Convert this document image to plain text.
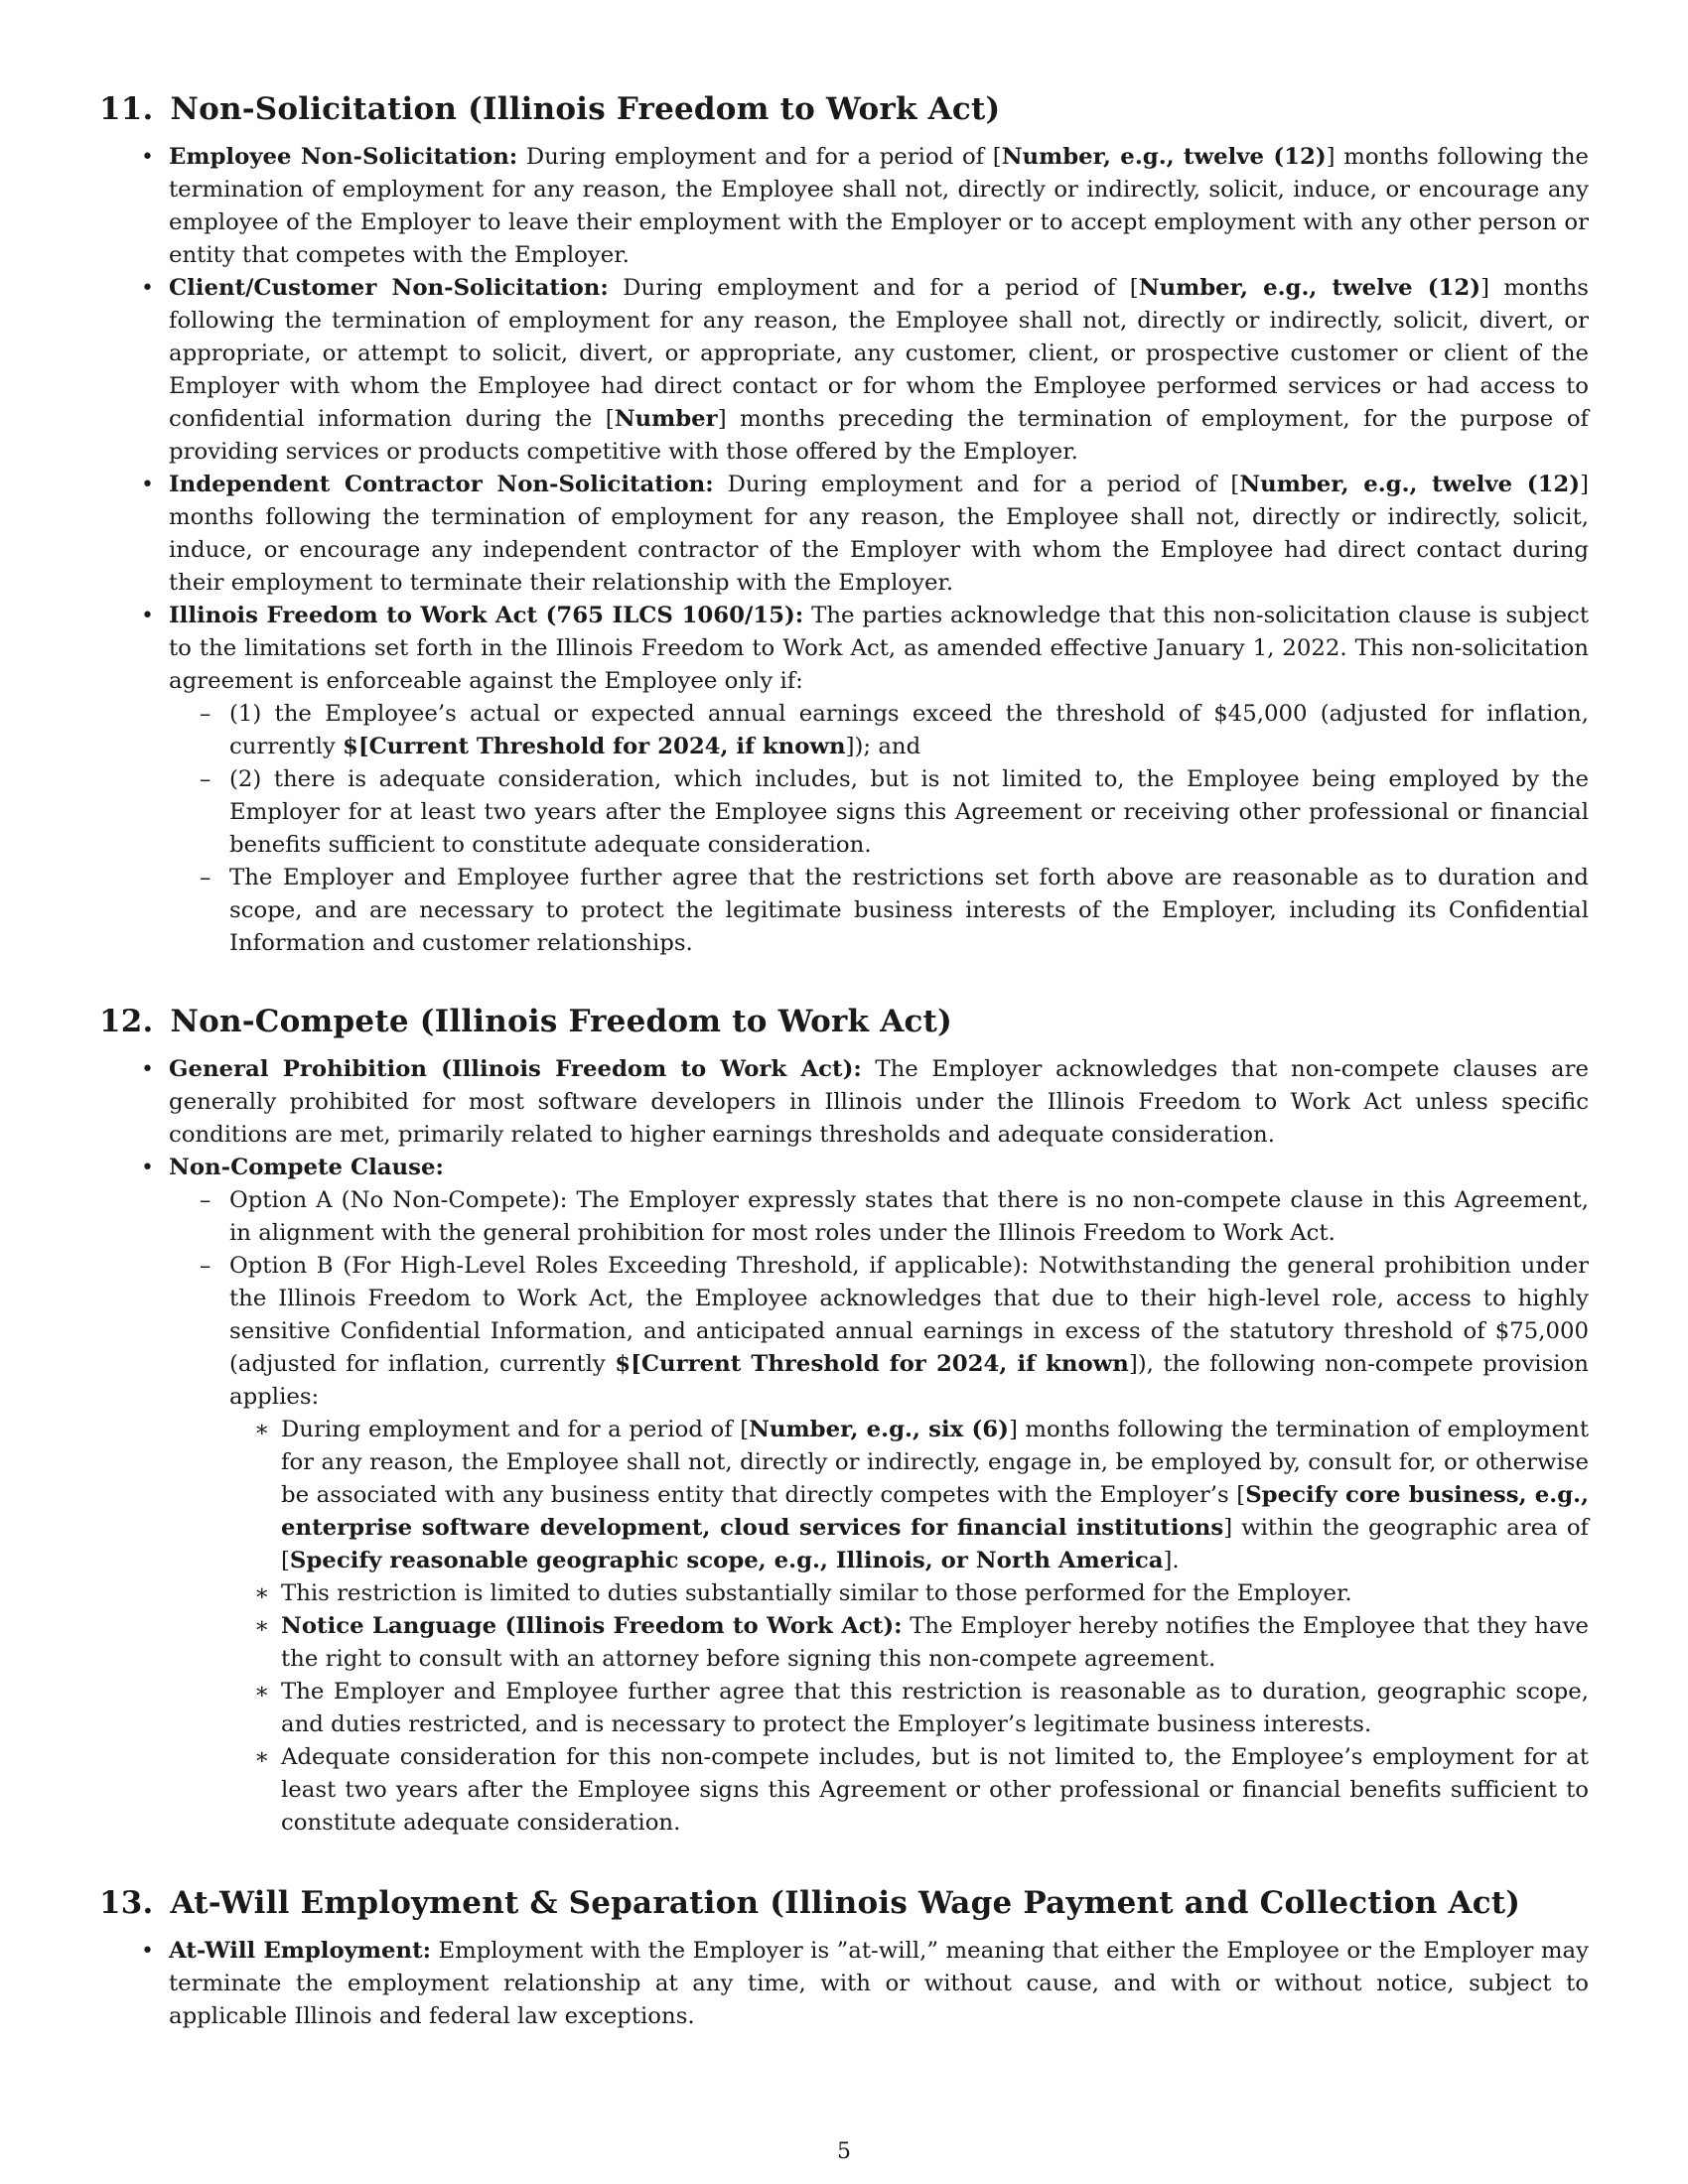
11. Non-Solicitation (Illinois Freedom to Work Act)
• Employee Non-Solicitation: During employment and for a period of [Number, e.g., twelve (12)] months following the termination of employment for any reason, the Employee shall not, directly or indirectly, solicit, induce, or encourage any employee of the Employer to leave their employment with the Employer or to accept employment with any other person or entity that competes with the Employer.
• Client/Customer Non-Solicitation: During employment and for a period of [Number, e.g., twelve (12)] months following the termination of employment for any reason, the Employee shall not, directly or indirectly, solicit, divert, or appropriate, or attempt to solicit, divert, or appropriate, any customer, client, or prospective customer or client of the Employer with whom the Employee had direct contact or for whom the Employee performed services or had access to confidential information during the [Number] months preceding the termination of employment, for the purpose of providing services or products competitive with those offered by the Employer.
• Independent Contractor Non-Solicitation: During employment and for a period of [Number, e.g., twelve (12)] months following the termination of employment for any reason, the Employee shall not, directly or indirectly, solicit, induce, or encourage any independent contractor of the Employer with whom the Employee had direct contact during their employment to terminate their relationship with the Employer.
• Illinois Freedom to Work Act (765 ILCS 1060/15): The parties acknowledge that this non-solicitation clause is subject to the limitations set forth in the Illinois Freedom to Work Act, as amended effective January 1, 2022. This non-solicitation agreement is enforceable against the Employee only if:
– (1) the Employee’s actual or expected annual earnings exceed the threshold of $45,000 (adjusted for inflation, currently $[Current Threshold for 2024, if known]); and
– (2) there is adequate consideration, which includes, but is not limited to, the Employee being employed by the Employer for at least two years after the Employee signs this Agreement or receiving other professional or financial benefits sufficient to constitute adequate consideration.
– The Employer and Employee further agree that the restrictions set forth above are reasonable as to duration and scope, and are necessary to protect the legitimate business interests of the Employer, including its Confidential Information and customer relationships.
12. Non-Compete (Illinois Freedom to Work Act)
• General Prohibition (Illinois Freedom to Work Act): The Employer acknowledges that non-compete clauses are generally prohibited for most software developers in Illinois under the Illinois Freedom to Work Act unless specific conditions are met, primarily related to higher earnings thresholds and adequate consideration.
• Non-Compete Clause:
– Option A (No Non-Compete): The Employer expressly states that there is no non-compete clause in this Agreement, in alignment with the general prohibition for most roles under the Illinois Freedom to Work Act.
– Option B (For High-Level Roles Exceeding Threshold, if applicable): Notwithstanding the general prohibition under the Illinois Freedom to Work Act, the Employee acknowledges that due to their high-level role, access to highly sensitive Confidential Information, and anticipated annual earnings in excess of the statutory threshold of $75,000 (adjusted for inflation, currently $[Current Threshold for 2024, if known]), the following non-compete provision applies:
∗ During employment and for a period of [Number, e.g., six (6)] months following the termination of employment for any reason, the Employee shall not, directly or indirectly, engage in, be employed by, consult for, or otherwise be associated with any business entity that directly competes with the Employer’s [Specify core business, e.g., enterprise software development, cloud services for financial institutions] within the geographic area of [Specify reasonable geographic scope, e.g., Illinois, or North America].
∗ This restriction is limited to duties substantially similar to those performed for the Employer.
∗ Notice Language (Illinois Freedom to Work Act): The Employer hereby notifies the Employee that they have the right to consult with an attorney before signing this non-compete agreement.
∗ The Employer and Employee further agree that this restriction is reasonable as to duration, geographic scope, and duties restricted, and is necessary to protect the Employer’s legitimate business interests.
∗ Adequate consideration for this non-compete includes, but is not limited to, the Employee’s employment for at least two years after the Employee signs this Agreement or other professional or financial benefits sufficient to constitute adequate consideration.
13. At-Will Employment & Separation (Illinois Wage Payment and Collection Act)
• At-Will Employment: Employment with the Employer is ”at-will,” meaning that either the Employee or the Employer may terminate the employment relationship at any time, with or without cause, and with or without notice, subject to applicable Illinois and federal law exceptions.
5
